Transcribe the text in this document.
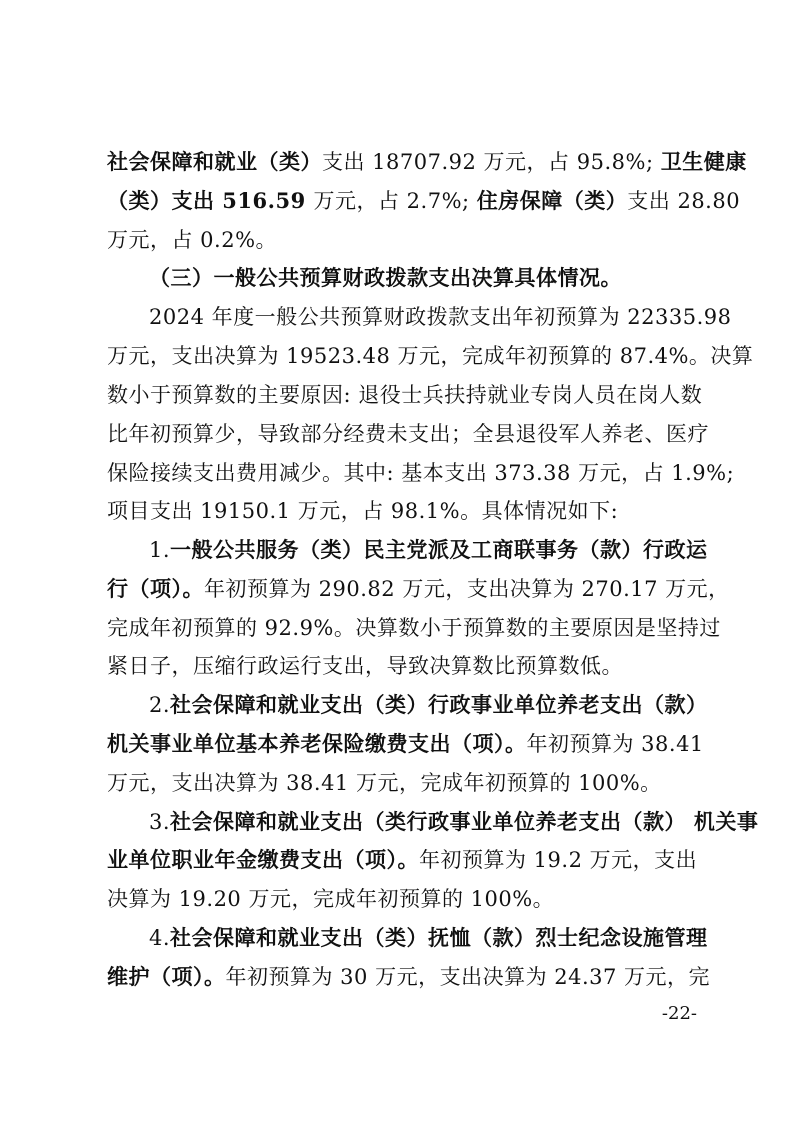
社会保障和就业（类）支出 18707.92 万元，占 95.8%; 卫生健康
（类）支出 516.59 万元，占 2.7%; 住房保障（类）支出 28.80
万元，占 0.2%。
（三）一般公共预算财政拨款支出决算具体情况。
2024 年度一般公共预算财政拨款支出年初预算为 22335.98
万元，支出决算为 19523.48 万元，完成年初预算的 87.4%。决算
数小于预算数的主要原因: 退役士兵扶持就业专岗人员在岗人数
比年初预算少，导致部分经费未支出；全县退役军人养老、医疗
保险接续支出费用减少。其中: 基本支出 373.38 万元，占 1.9%;
项目支出 19150.1 万元，占 98.1%。具体情况如下:
1.一般公共服务（类）民主党派及工商联事务（款）行政运
行（项）。年初预算为 290.82 万元，支出决算为 270.17 万元，
完成年初预算的 92.9%。决算数小于预算数的主要原因是坚持过
紧日子，压缩行政运行支出，导致决算数比预算数低。
2.社会保障和就业支出（类）行政事业单位养老支出（款）
机关事业单位基本养老保险缴费支出（项）。年初预算为 38.41
万元，支出决算为 38.41 万元，完成年初预算的 100%。
3.社会保障和就业支出（类行政事业单位养老支出（款） 机关事
业单位职业年金缴费支出（项）。年初预算为 19.2 万元，支出
决算为 19.20 万元，完成年初预算的 100%。
4.社会保障和就业支出（类）抚恤（款）烈士纪念设施管理
维护（项）。年初预算为 30 万元，支出决算为 24.37 万元，完
-22-
